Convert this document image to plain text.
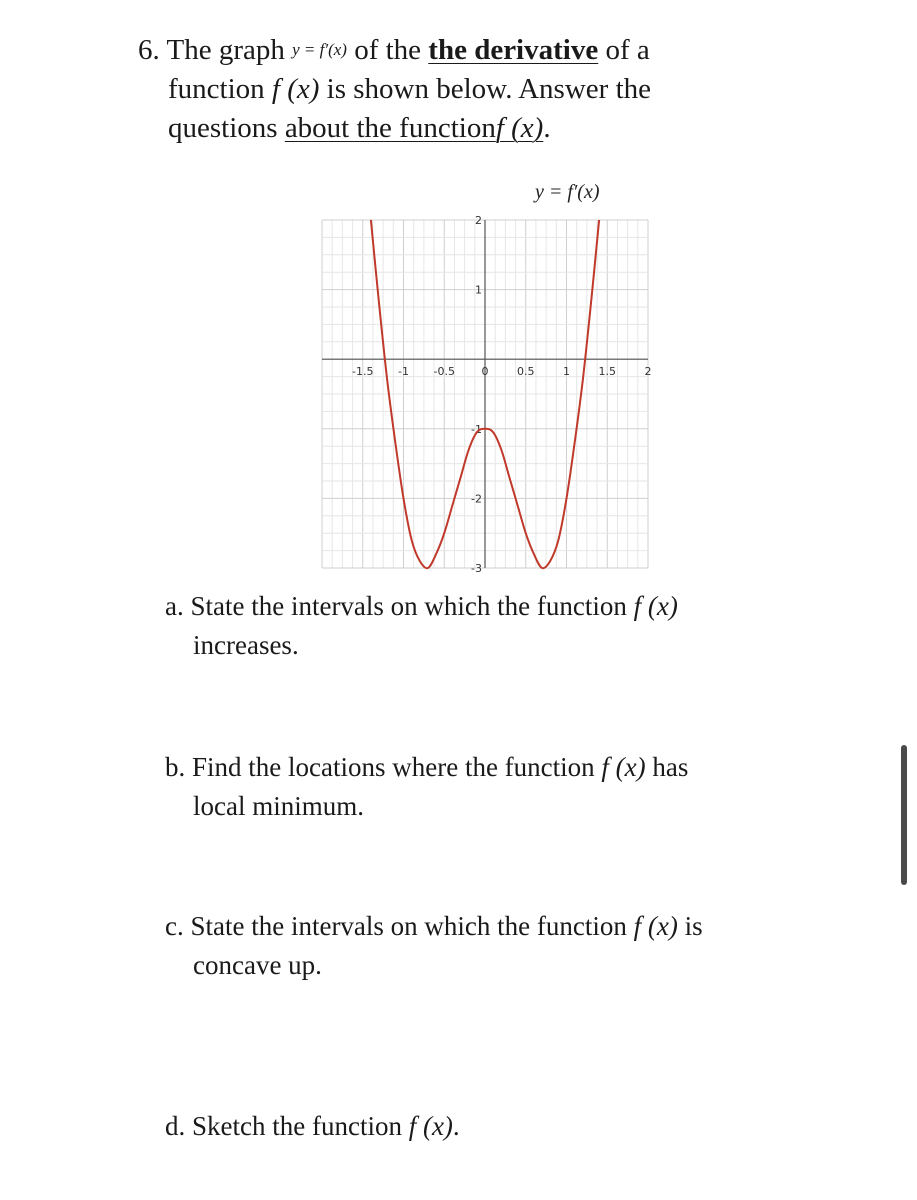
6. The graph y = f′(x) of the the derivative of a
function f (x) is shown below. Answer the
questions about the functionf (x).
y = f′(x)
-1.5 -1 -0.5 0	0.5	1	1.5	2
2
1
-1
-2
-3
a. State the intervals on which the function f (x)
increases.
b. Find the locations where the function f (x) has
local minimum.
c. State the intervals on which the function f (x) is
concave up.
d. Sketch the function f (x).
